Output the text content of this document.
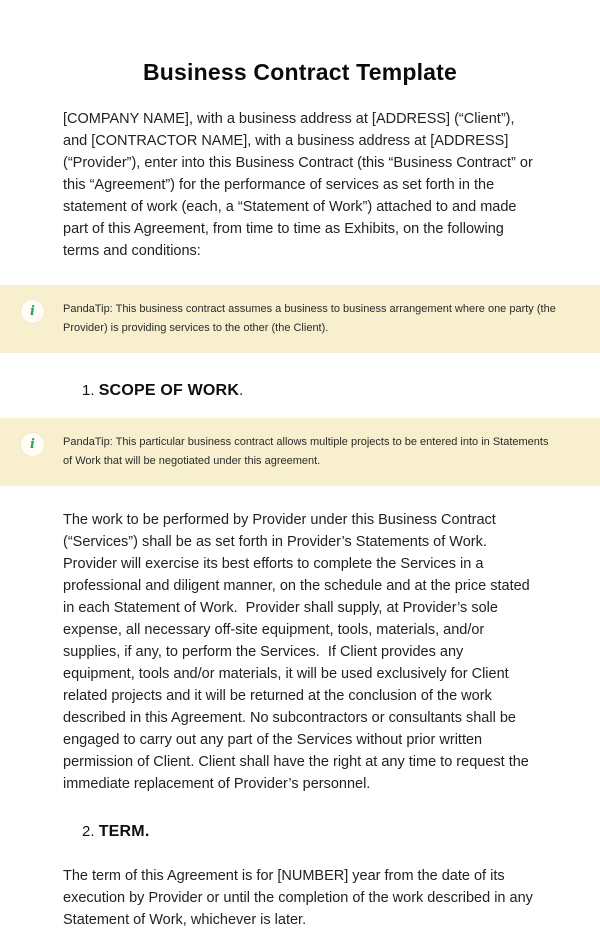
Business Contract Template

[COMPANY NAME], with a business address at [ADDRESS] (“Client”), and [CONTRACTOR NAME], with a business address at [ADDRESS] (“Provider”), enter into this Business Contract (this “Business Contract” or this “Agreement”) for the performance of services as set forth in the statement of work (each, a “Statement of Work”) attached to and made part of this Agreement, from time to time as Exhibits, on the following terms and conditions:

i	PandaTip: This business contract assumes a business to business arrangement where one party (the Provider) is providing services to the other (the Client).

1. SCOPE OF WORK.
i	PandaTip: This particular business contract allows multiple projects to be entered into in Statements of Work that will be negotiated under this agreement.

The work to be performed by Provider under this Business Contract (“Services”) shall be as set forth in Provider’s Statements of Work.  Provider will exercise its best efforts to complete the Services in a professional and diligent manner, on the schedule and at the price stated in each Statement of Work.  Provider shall supply, at Provider’s sole expense, all necessary off-site equipment, tools, materials, and/or supplies, if any, to perform the Services.  If Client provides any equipment, tools and/or materials, it will be used exclusively for Client related projects and it will be returned at the conclusion of the work described in this Agreement. No subcontractors or consultants shall be engaged to carry out any part of the Services without prior written permission of Client. Client shall have the right at any time to request the immediate replacement of Provider’s personnel.

2. TERM.

The term of this Agreement is for [NUMBER] year from the date of its execution by Provider or until the completion of the work described in any Statement of Work, whichever is later.
